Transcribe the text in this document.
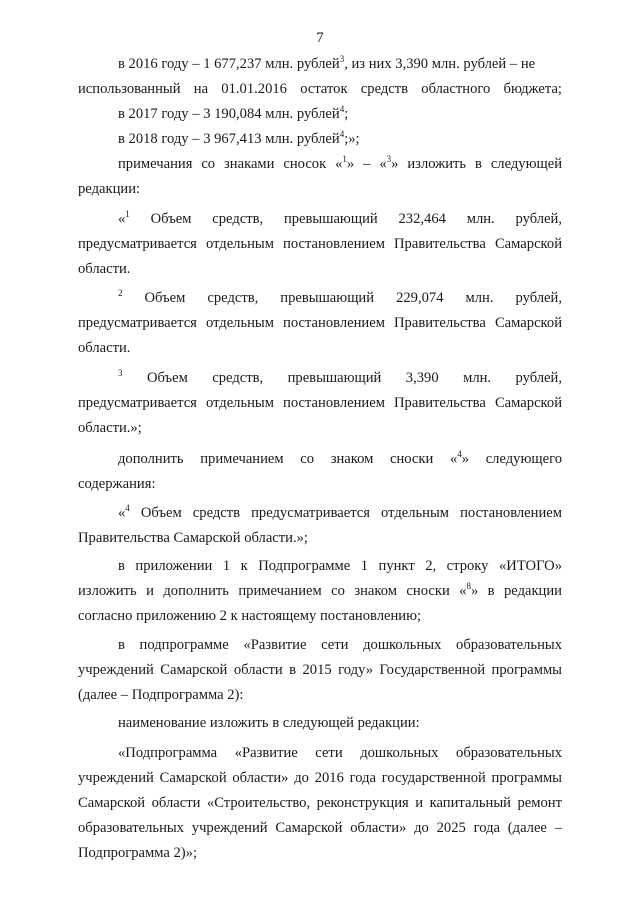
7
в 2016 году – 1 677,237 млн. рублей$^3$, из них 3,390 млн. рублей – не
использованный на 01.01.2016 остаток средств областного бюджета;
в 2017 году – 3 190,084 млн. рублей$^4$;
в 2018 году – 3 967,413 млн. рублей$^4$;»;
примечания со знаками сносок «$^1$» – «$^3$» изложить в следующей
редакции:
«$^1$ Объем средств, превышающий 232,464 млн. рублей,
предусматривается отдельным постановлением Правительства Самарской
области.
$^2$ Объем средств, превышающий 229,074 млн. рублей,
предусматривается отдельным постановлением Правительства Самарской
области.
$^3$ Объем средств, превышающий 3,390 млн. рублей,
предусматривается отдельным постановлением Правительства Самарской
области.»;
дополнить примечанием со знаком сноски «$^4$» следующего
содержания:
«$^4$ Объем средств предусматривается отдельным постановлением
Правительства Самарской области.»;
в приложении 1 к Подпрограмме 1 пункт 2, строку «ИТОГО»
изложить и дополнить примечанием со знаком сноски «$^8$» в редакции
согласно приложению 2 к настоящему постановлению;
в подпрограмме «Развитие сети дошкольных образовательных
учреждений Самарской области в 2015 году» Государственной программы
(далее – Подпрограмма 2):
наименование изложить в следующей редакции:
«Подпрограмма «Развитие сети дошкольных образовательных
учреждений Самарской области» до 2016 года государственной программы
Самарской области «Строительство, реконструкция и капитальный ремонт
образовательных учреждений Самарской области» до 2025 года (далее –
Подпрограмма 2)»;
